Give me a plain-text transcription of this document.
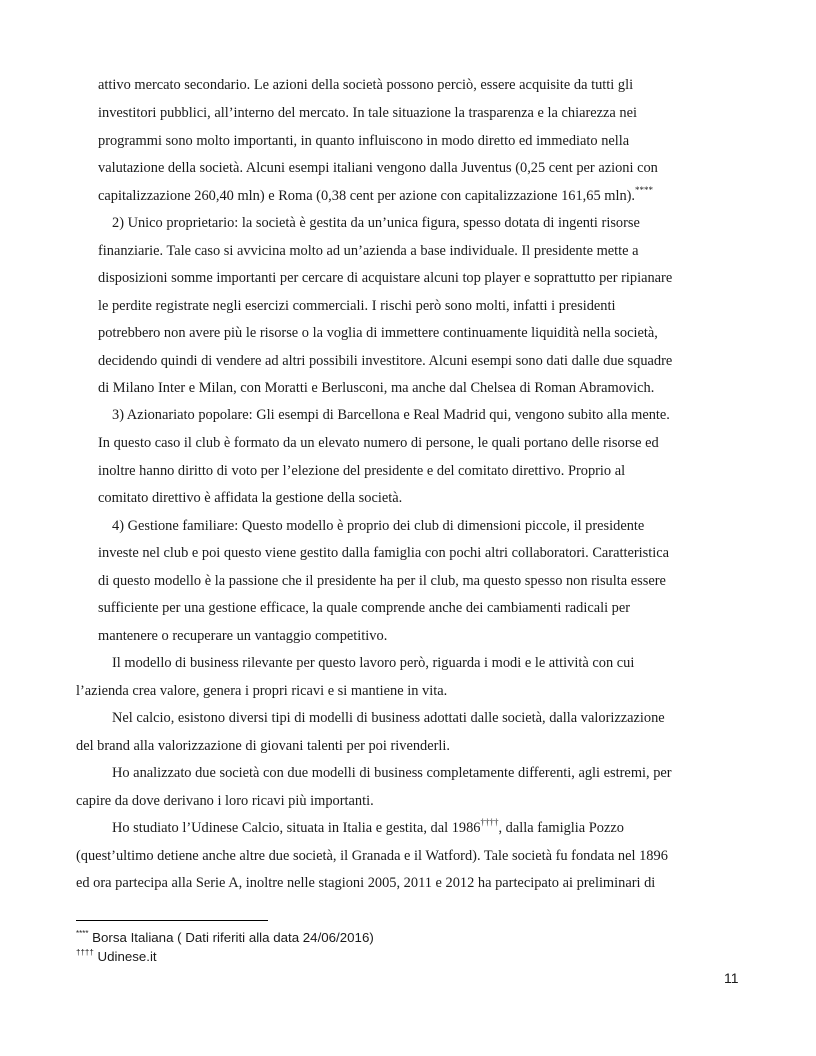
attivo mercato secondario. Le azioni della società possono perciò, essere acquisite da tutti gli

investitori pubblici, all’interno del mercato. In tale situazione la trasparenza e la chiarezza nei

programmi sono molto importanti, in quanto influiscono in modo diretto ed immediato nella

valutazione della società. Alcuni esempi italiani vengono dalla Juventus (0,25 cent per azioni con

capitalizzazione 260,40 mln) e Roma (0,38 cent per azione con capitalizzazione 161,65 mln).****

2) Unico proprietario: la società è gestita da un’unica figura, spesso dotata di ingenti risorse

finanziarie. Tale caso si avvicina molto ad un’azienda a base individuale. Il presidente mette a

disposizioni somme importanti per cercare di acquistare alcuni top player e soprattutto per ripianare

le perdite registrate negli esercizi commerciali. I rischi però sono molti, infatti i presidenti

potrebbero non avere più le risorse o la voglia di immettere continuamente liquidità nella società,

decidendo quindi di vendere ad altri possibili investitore. Alcuni esempi sono dati dalle due squadre

di Milano Inter e Milan, con Moratti e Berlusconi, ma anche dal Chelsea di Roman Abramovich.

3) Azionariato popolare: Gli esempi di Barcellona e Real Madrid qui, vengono subito alla mente.

In questo caso il club è formato da un elevato numero di persone, le quali portano delle risorse ed

inoltre hanno diritto di voto per l’elezione del presidente e del comitato direttivo. Proprio al

comitato direttivo è affidata la gestione della società.

4) Gestione familiare: Questo modello è proprio dei club di dimensioni piccole, il presidente

investe nel club e poi questo viene gestito dalla famiglia con pochi altri collaboratori. Caratteristica

di questo modello è la passione che il presidente ha per il club, ma questo spesso non risulta essere

sufficiente per una gestione efficace, la quale comprende anche dei cambiamenti radicali per

mantenere o recuperare un vantaggio competitivo.

Il modello di business rilevante per questo lavoro però, riguarda i modi e le attività con cui

l’azienda crea valore, genera i propri ricavi e si mantiene in vita.

Nel calcio, esistono diversi tipi di modelli di business adottati dalle società, dalla valorizzazione

del brand alla valorizzazione di giovani talenti per poi rivenderli.

Ho analizzato due società con due modelli di business completamente differenti, agli estremi, per

capire da dove derivano i loro ricavi più importanti.

Ho studiato l’Udinese Calcio, situata in Italia e gestita, dal 1986††††, dalla famiglia Pozzo

(quest’ultimo detiene anche altre due società, il Granada e il Watford). Tale società fu fondata nel 1896

ed ora partecipa alla Serie A, inoltre nelle stagioni 2005, 2011 e 2012 ha partecipato ai preliminari di

**** Borsa Italiana ( Dati riferiti alla data 24/06/2016)
†††† Udinese.it
11
